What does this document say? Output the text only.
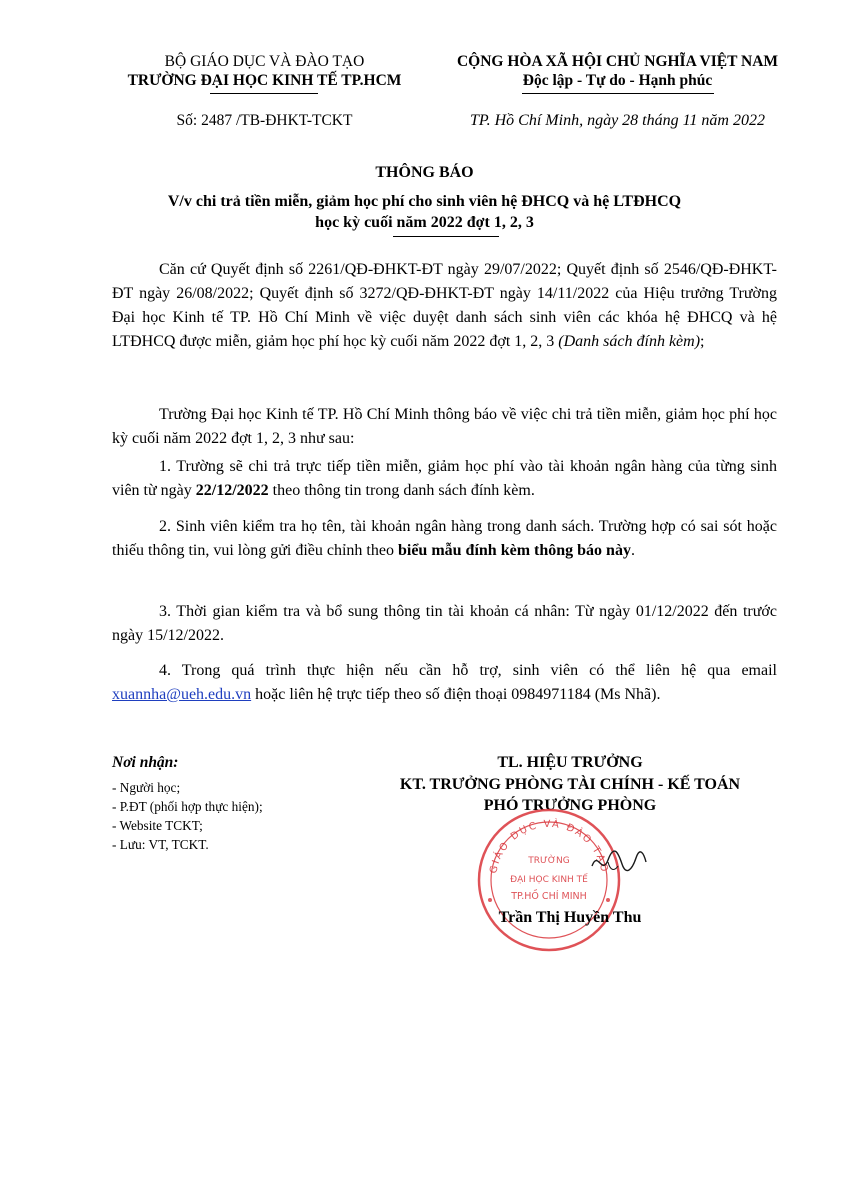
BỘ GIÁO DỤC VÀ ĐÀO TẠO
TRƯỜNG ĐẠI HỌC KINH TẾ TP.HCM
Số: 2487 /TB-ĐHKT-TCKT
CỘNG HÒA XÃ HỘI CHỦ NGHĨA VIỆT NAM
Độc lập - Tự do - Hạnh phúc
TP. Hồ Chí Minh, ngày 28 tháng 11 năm 2022
THÔNG BÁO
V/v chi trả tiền miễn, giảm học phí cho sinh viên hệ ĐHCQ và hệ LTĐHCQ
học kỳ cuối năm 2022 đợt 1, 2, 3
Căn cứ Quyết định số 2261/QĐ-ĐHKT-ĐT ngày 29/07/2022; Quyết định số 2546/QĐ-ĐHKT-ĐT ngày 26/08/2022; Quyết định số 3272/QĐ-ĐHKT-ĐT ngày 14/11/2022 của Hiệu trưởng Trường Đại học Kinh tế TP. Hồ Chí Minh về việc duyệt danh sách sinh viên các khóa hệ ĐHCQ và hệ LTĐHCQ được miễn, giảm học phí học kỳ cuối năm 2022 đợt 1, 2, 3 (Danh sách đính kèm);
Trường Đại học Kinh tế TP. Hồ Chí Minh thông báo về việc chi trả tiền miễn, giảm học phí học kỳ cuối năm 2022 đợt 1, 2, 3 như sau:
1. Trường sẽ chi trả trực tiếp tiền miễn, giảm học phí vào tài khoản ngân hàng của từng sinh viên từ ngày 22/12/2022 theo thông tin trong danh sách đính kèm.
2. Sinh viên kiểm tra họ tên, tài khoản ngân hàng trong danh sách. Trường hợp có sai sót hoặc thiếu thông tin, vui lòng gửi điều chỉnh theo biểu mẫu đính kèm thông báo này.
3. Thời gian kiểm tra và bổ sung thông tin tài khoản cá nhân: Từ ngày 01/12/2022 đến trước ngày 15/12/2022.
4. Trong quá trình thực hiện nếu cần hỗ trợ, sinh viên có thể liên hệ qua email xuannha@ueh.edu.vn hoặc liên hệ trực tiếp theo số điện thoại 0984971184 (Ms Nhã).
Nơi nhận:
- Người học;
- P.ĐT (phối hợp thực hiện);
- Website TCKT;
- Lưu: VT, TCKT.
TL. HIỆU TRƯỞNG
KT. TRƯỞNG PHÒNG TÀI CHÍNH - KẾ TOÁN
PHÓ TRƯỞNG PHÒNG
GIÁO DỤC VÀ ĐÀO TẠO
TRƯỜNG
ĐẠI HỌC KINH TẾ
TP.HỒ CHÍ MINH
Trần Thị Huyền Thu
